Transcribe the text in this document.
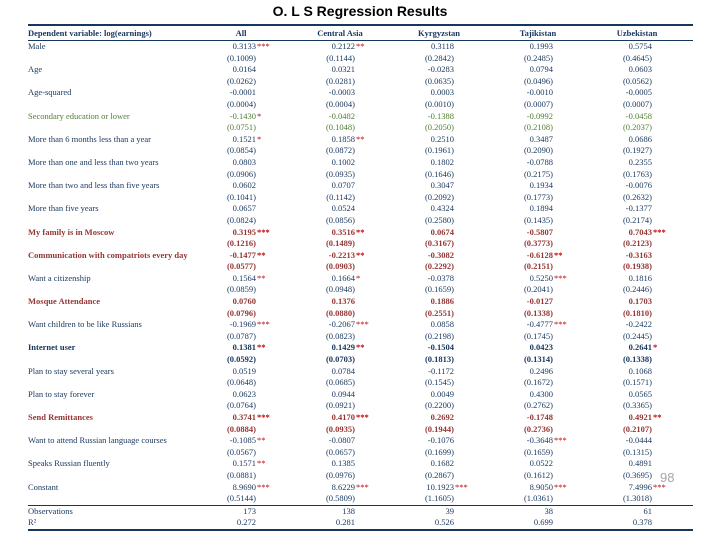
O. L S Regression Results
Dependent variable: log(earnings)	All	Central Asia	Kyrgyzstan	Tajikistan	Uzbekistan
Male	0.3133***	0.2122**	0.3118	0.1993	0.5754
	(0.1009)	(0.1144)	(0.2842)	(0.2485)	(0.4645)
Age	0.0164	0.0321	-0.0283	0.0794	0.0603
	(0.0262)	(0.0281)	(0.0635)	(0.0496)	(0.0562)
Age-squared	-0.0001	-0.0003	0.0003	-0.0010	-0.0005
	(0.0004)	(0.0004)	(0.0010)	(0.0007)	(0.0007)
Secondary education or lower	-0.1430*	-0.0482	-0.1388	-0.0992	-0.0458
	(0.0751)	(0.1048)	(0.2050)	(0.2108)	(0.2037)
More than 6 months less than a year	0.1521*	0.1858**	0.2510	0.3487	0.0686
	(0.0854)	(0.0872)	(0.1961)	(0.2090)	(0.1927)
More than one and less than two years	0.0803	0.1002	0.1802	-0.0788	0.2355
	(0.0906)	(0.0935)	(0.1646)	(0.2175)	(0.1763)
More than two and less than five years	0.0602	0.0707	0.3047	0.1934	-0.0076
	(0.1041)	(0.1142)	(0.2092)	(0.1773)	(0.2632)
More than five years	0.0657	0.0524	0.4324	0.1894	-0.1377
	(0.0824)	(0.0856)	(0.2580)	(0.1435)	(0.2174)
My family is in Moscow	0.3195***	0.3516**	0.0674	-0.5807	0.7043***
	(0.1216)	(0.1489)	(0.3167)	(0.3773)	(0.2123)
Communication with compatriots every day	-0.1477**	-0.2213**	-0.3082	-0.6128**	-0.3163
	(0.0577)	(0.0903)	(0.2292)	(0.2151)	(0.1938)
Want a citizenship	0.1564**	0.1664*	-0.0378	0.5250***	0.1816
	(0.0859)	(0.0948)	(0.1659)	(0.2041)	(0.2446)
Mosque Attendance	0.0760	0.1376	0.1886	-0.0127	0.1703
	(0.0796)	(0.0880)	(0.2551)	(0.1338)	(0.1810)
Want children to be like Russians	-0.1969***	-0.2067***	0.0858	-0.4777***	-0.2422
	(0.0787)	(0.0823)	(0.2198)	(0.1745)	(0.2445)
Internet user	0.1381**	0.1429**	-0.1504	0.0423	0.2641*
	(0.0592)	(0.0703)	(0.1813)	(0.1314)	(0.1338)
Plan to stay several years	0.0519	0.0784	-0.1172	0.2496	0.1068
	(0.0648)	(0.0685)	(0.1545)	(0.1672)	(0.1571)
Plan to stay forever	0.0623	0.0944	0.0049	0.4300	0.0565
	(0.0764)	(0.0921)	(0.2200)	(0.2762)	(0.3365)
Send Remittances	0.3741***	0.4170***	0.2692	-0.1748	0.4921**
	(0.0884)	(0.0935)	(0.1944)	(0.2736)	(0.2107)
Want to attend Russian language courses	-0.1085**	-0.0807	-0.1076	-0.3648***	-0.0444
	(0.0567)	(0.0657)	(0.1699)	(0.1659)	(0.1315)
Speaks Russian fluently	0.1571**	0.1385	0.1682	0.0522	0.4891
	(0.0881)	(0.0976)	(0.2867)	(0.1612)	(0.3695)
Constant	8.9690***	8.6229***	10.1923***	8.9050***	7.4996***
	(0.5144)	(0.5809)	(1.1605)	(1.0361)	(1.3018)
Observations	173	138	39	38	61
R²	0.272	0.281	0.526	0.699	0.378
98
